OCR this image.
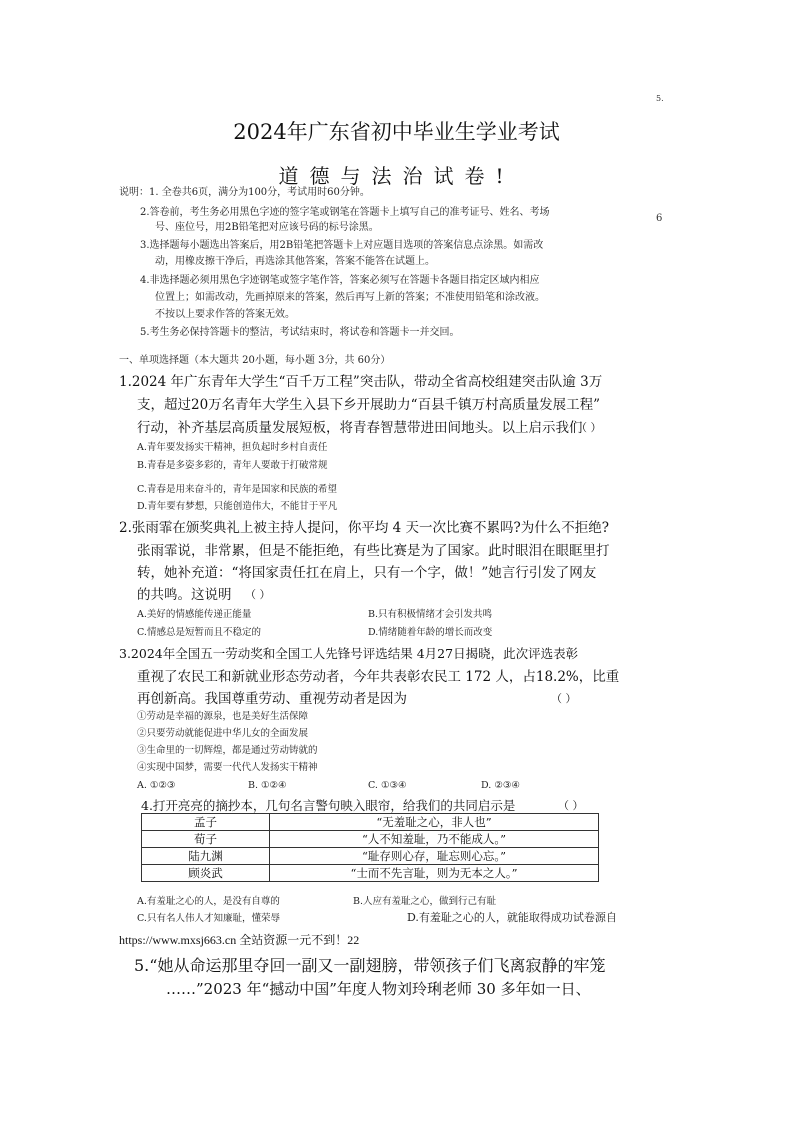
5.
6
2024年广东省初中毕业生学业考试
道德与法治试卷!
说明：1. 全卷共6页，满分为100分，考试用时60分钟。
2.答卷前，考生务必用黑色字迹的签字笔或钢笔在答题卡上填写自己的准考证号、姓名、考场
号、座位号，用2B铅笔把对应该号码的标号涂黑。
3.选择题每小题选出答案后，用2B铅笔把答题卡上对应题目选项的答案信息点涂黑。如需改
动，用橡皮擦干净后，再选涂其他答案，答案不能答在试题上。
4.非选择题必须用黑色字迹钢笔或签字笔作答，答案必须写在答题卡各题目指定区域内相应
位置上；如需改动，先画掉原来的答案，然后再写上新的答案；不准使用铅笔和涂改液。
不按以上要求作答的答案无效。
5.考生务必保持答题卡的整洁，考试结束时，将试卷和答题卡一并交回。
一、单项选择题（本大题共 20小题，每小题 3分，共 60分）
1.2024 年广东青年大学生“百千万工程”突击队，带动全省高校组建突击队逾 3万
支，超过20万名青年大学生入县下乡开展助力“百县千镇万村高质量发展工程”
行动，补齐基层高质量发展短板，将青春智慧带进田间地头。以上启示我们
（ ）
A.青年要发扬实干精神，担负起时乡村自责任
B.青春是多姿多彩的，青年人要敢于打破常规
C.青春是用来奋斗的，青年是国家和民族的希望
D.青年要有梦想，只能创造伟大，不能甘于平凡
2.张雨霏在颁奖典礼上被主持人提问，你平均 4 天一次比赛不累吗?为什么不拒绝?
张雨霏说，非常累，但是不能拒绝，有些比赛是为了国家。此时眼泪在眼眶里打
转，她补充道：“将国家责任扛在肩上，只有一个字，做！”她言行引发了网友
的共鸣。这说明 （ ）
A.美好的情感能传递正能量	B.只有积极情绪才会引发共鸣
C.情感总是短暂而且不稳定的	D.情绪随着年龄的增长而改变
3.2024年全国五一劳动奖和全国工人先锋号评选结果 4月27日揭晓，此次评选表彰
重视了农民工和新就业形态劳动者，今年共表彰农民工 172 人，占18.2%，比重
再创新高。我国尊重劳动、重视劳动者是因为	（ ）
①劳动是幸福的源泉，也是美好生活保障
②只要劳动就能促进中华儿女的全面发展
③生命里的一切辉煌，都是通过劳动铸就的
④实现中国梦，需要一代代人发扬实干精神
A. ①②③	B. ①②④	C. ①③④	D. ②③④
4.打开亮亮的摘抄本，几句名言警句映入眼帘，给我们的共同启示是	（ ）
孟子	“无羞耻之心，非人也”
荀子	“人不知羞耻，乃不能成人。”
陆九渊	“耻存则心存，耻忘则心忘。”
顾炎武	“士而不先言耻，则为无本之人。”
A.有羞耻之心的人，是没有自尊的	B.人应有羞耻之心，做到行己有耻
C.只有名人伟人才知廉耻，懂荣辱	D.有羞耻之心的人，就能取得成功试卷源自
https://www.mxsj663.cn 全站资源一元不到！22
5.“她从命运那里夺回一副又一副翅膀，带领孩子们飞离寂静的牢笼
……”2023 年“撼动中国”年度人物刘玲琍老师 30 多年如一日、
